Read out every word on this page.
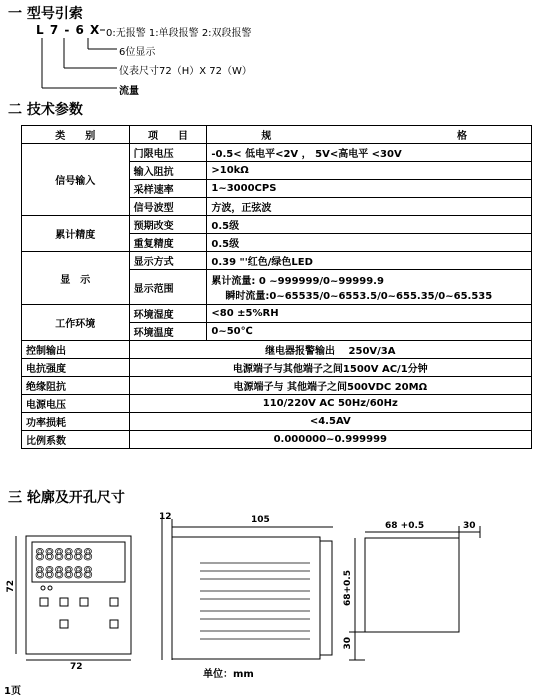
一 型号引索
L 7 - 6 X 0:无报警 1:单段报警 2:双段报警
6位显示
仪表尺寸72（H）X 72（W）
流量
二 技术参数
类　　别	项　　目	规 格

信号输入	门限电压	-0.5< 低电平<2V ， 5V<高电平 <30V
	输入阻抗	>10kΩ
	采样速率	1~3000CPS
	信号波型	方波，正弦波
累计精度	预期改变	0.5级
	重复精度	0.5级
显　示	显示方式	0.39 "'红色/绿色LED
	显示范围	累计流量: 0 ~999999/0~99999.9
瞬时流量:0~65535/0~6553.5/0~655.35/0~65.535

工作环境	环境湿度	<80 ±5%RH
	环境温度	0~50℃
控制输出	继电器报警输出　 250V/3A	
电抗强度	电源端子与其他端子之间1500V AC/1分钟	
绝缘阻抗	电源端子与 其他端子之间500VDC 20MΩ	
电源电压	110/220V AC 50Hz/60Hz	
功率损耗	<4.5AV	
比例系数	0.000000~0.999999	
三 轮廓及开孔尺寸
888888
888888
72
72
12	105
68 +0.5	30
68+0.5
30
单位：mm
1页
